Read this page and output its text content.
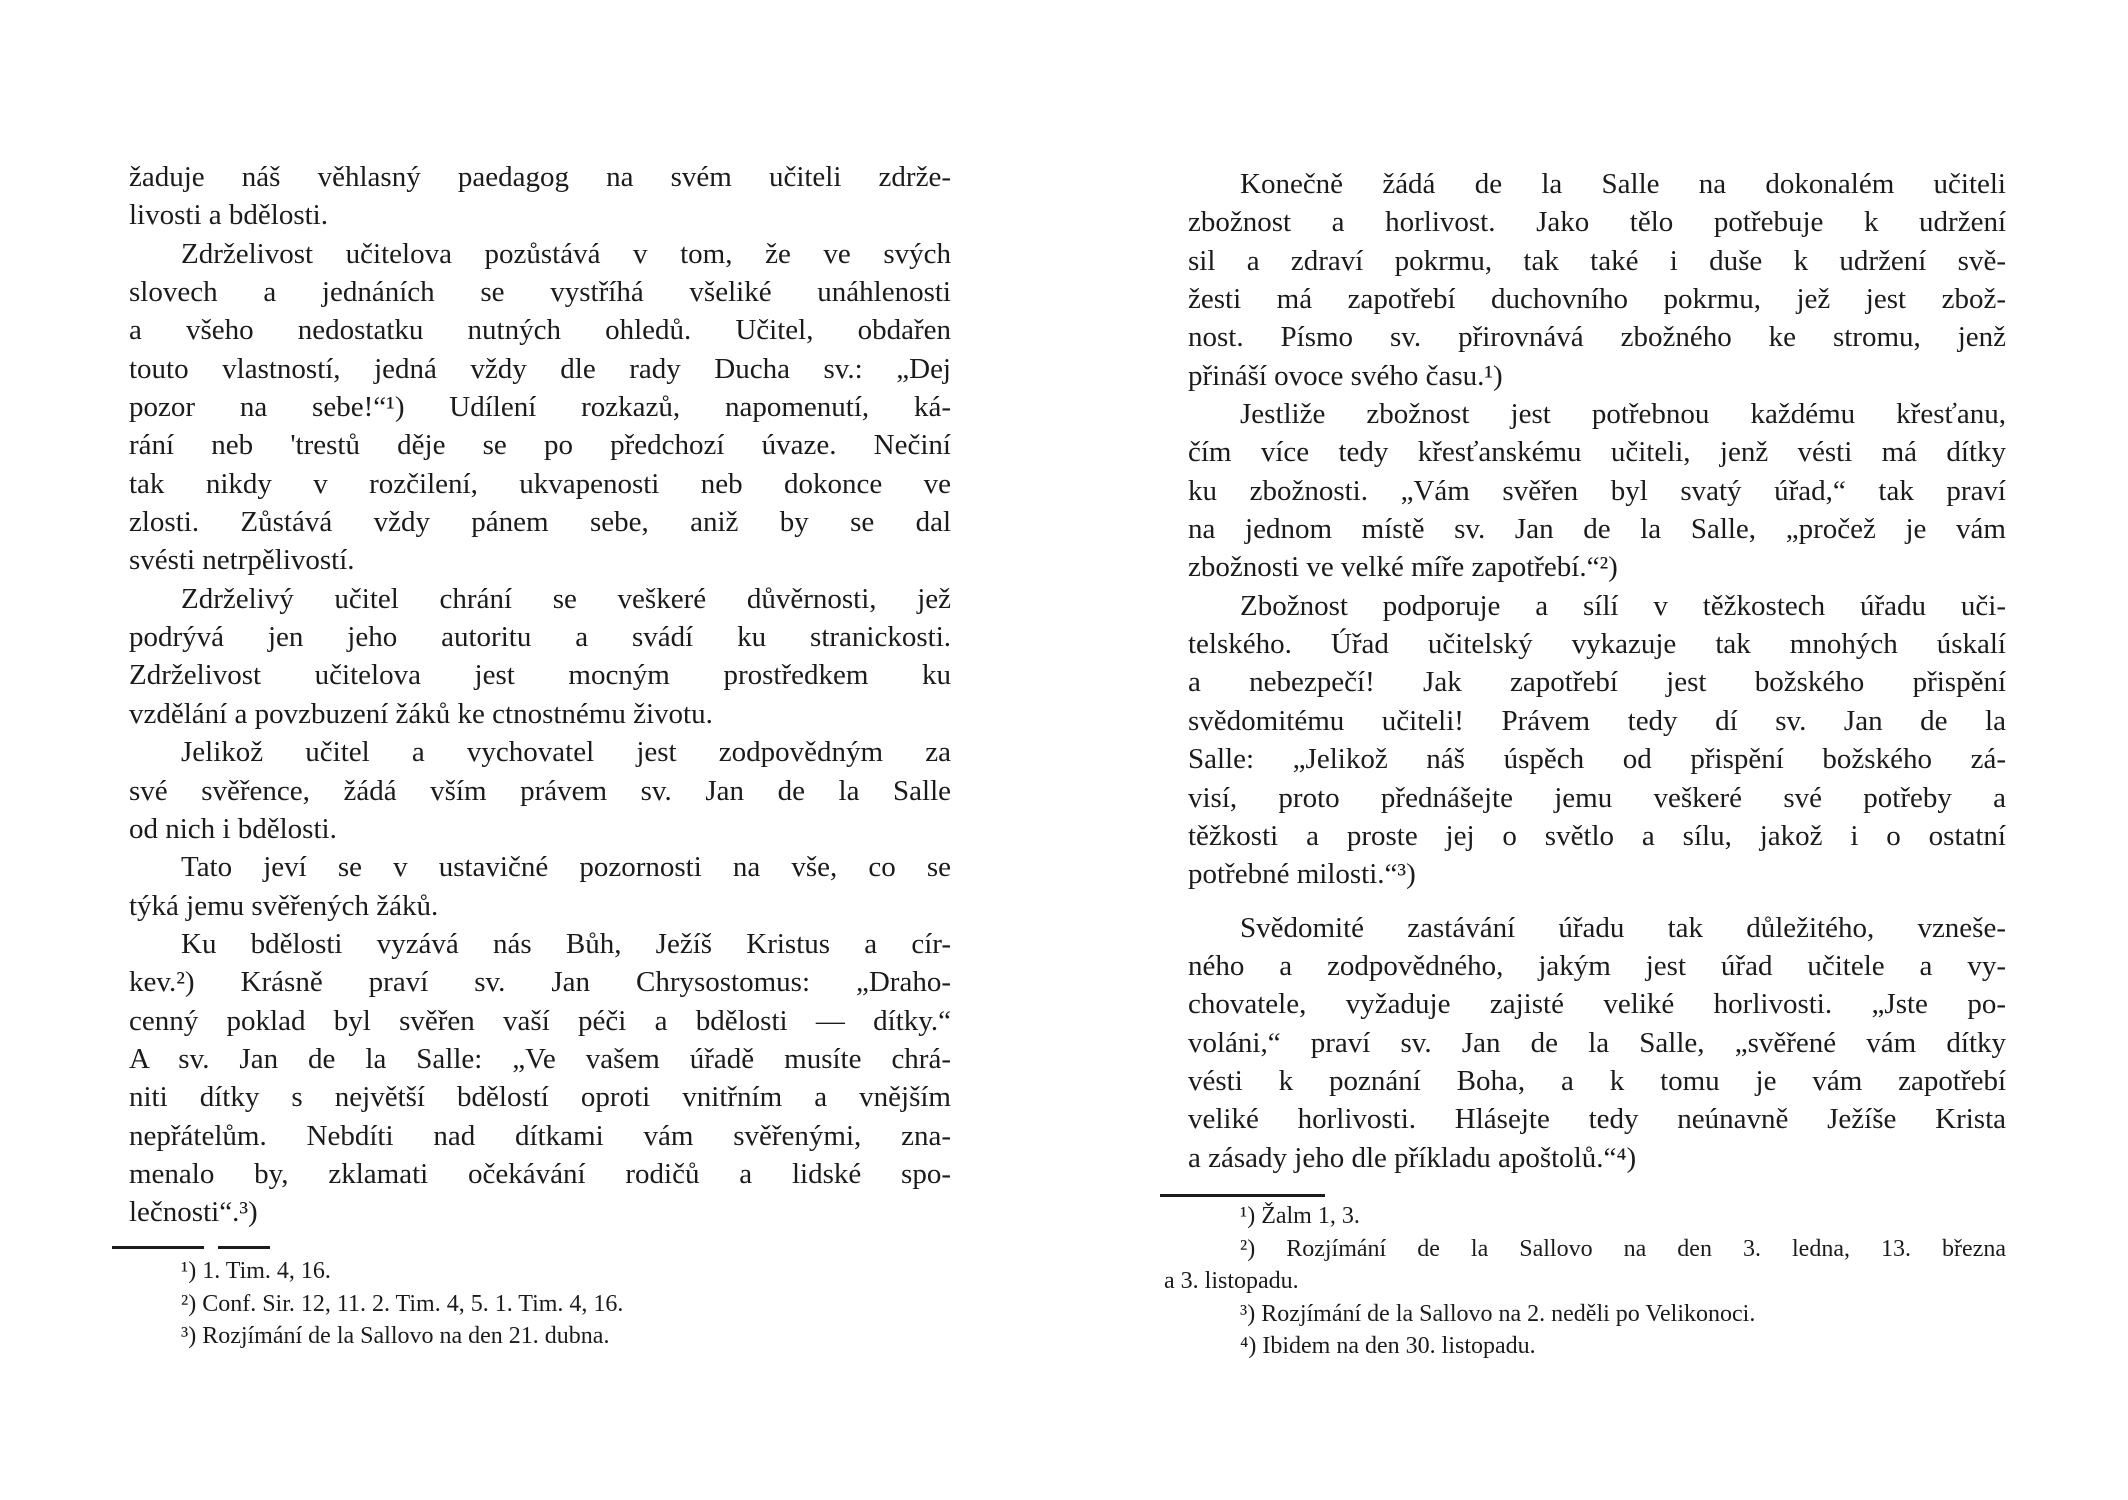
žaduje náš věhlasný paedagog na svém učiteli zdrže-
livosti a bdělosti.
Zdrželivost učitelova pozůstává v tom, že ve svých
slovech a jednáních se vystříhá všeliké unáhlenosti
a všeho nedostatku nutných ohledů. Učitel, obdařen
touto vlastností, jedná vždy dle rady Ducha sv.: „Dej
pozor na sebe!“¹) Udílení rozkazů, napomenutí, ká-
rání neb 'trestů děje se po předchozí úvaze. Nečiní
tak nikdy v rozčilení, ukvapenosti neb dokonce ve
zlosti. Zůstává vždy pánem sebe, aniž by se dal
svésti netrpělivostí.
Zdrželivý učitel chrání se veškeré důvěrnosti, jež
podrývá jen jeho autoritu a svádí ku stranickosti.
Zdrželivost učitelova jest mocným prostředkem ku
vzdělání a povzbuzení žáků ke ctnostnému životu.
Jelikož učitel a vychovatel jest zodpovědným za
své svěřence, žádá vším právem sv. Jan de la Salle
od nich i bdělosti.
Tato jeví se v ustavičné pozornosti na vše, co se
týká jemu svěřených žáků.
Ku bdělosti vyzává nás Bůh, Ježíš Kristus a cír-
kev.²) Krásně praví sv. Jan Chrysostomus: „Draho-
cenný poklad byl svěřen vaší péči a bdělosti — dítky.“
A sv. Jan de la Salle: „Ve vašem úřadě musíte chrá-
niti dítky s největší bdělostí oproti vnitřním a vnějším
nepřátelům. Nebdíti nad dítkami vám svěřenými, zna-
menalo by, zklamati očekávání rodičů a lidské spo-
lečnosti“.³)
¹) 1. Tim. 4, 16.
²) Conf. Sir. 12, 11. 2. Tim. 4, 5. 1. Tim. 4, 16.
³) Rozjímání de la Sallovo na den 21. dubna.
Konečně žádá de la Salle na dokonalém učiteli
zbožnost a horlivost. Jako tělo potřebuje k udržení
sil a zdraví pokrmu, tak také i duše k udržení svě-
žesti má zapotřebí duchovního pokrmu, jež jest zbož-
nost. Písmo sv. přirovnává zbožného ke stromu, jenž
přináší ovoce svého času.¹)
Jestliže zbožnost jest potřebnou každému křesťanu,
čím více tedy křesťanskému učiteli, jenž vésti má dítky
ku zbožnosti. „Vám svěřen byl svatý úřad,“ tak praví
na jednom místě sv. Jan de la Salle, „pročež je vám
zbožnosti ve velké míře zapotřebí.“²)
Zbožnost podporuje a sílí v těžkostech úřadu uči-
telského. Úřad učitelský vykazuje tak mnohých úskalí
a nebezpečí! Jak zapotřebí jest božského přispění
svědomitému učiteli! Právem tedy dí sv. Jan de la
Salle: „Jelikož náš úspěch od přispění božského zá-
visí, proto přednášejte jemu veškeré své potřeby a
těžkosti a proste jej o světlo a sílu, jakož i o ostatní
potřebné milosti.“³)
Svědomité zastávání úřadu tak důležitého, vzneše-
ného a zodpovědného, jakým jest úřad učitele a vy-
chovatele, vyžaduje zajisté veliké horlivosti. „Jste po-
voláni,“ praví sv. Jan de la Salle, „svěřené vám dítky
vésti k poznání Boha, a k tomu je vám zapotřebí
veliké horlivosti. Hlásejte tedy neúnavně Ježíše Krista
a zásady jeho dle příkladu apoštolů.“⁴)
¹) Žalm 1, 3.
²) Rozjímání de la Sallovo na den 3. ledna, 13. března
a 3. listopadu.
³) Rozjímání de la Sallovo na 2. neděli po Velikonoci.
⁴) Ibidem na den 30. listopadu.
